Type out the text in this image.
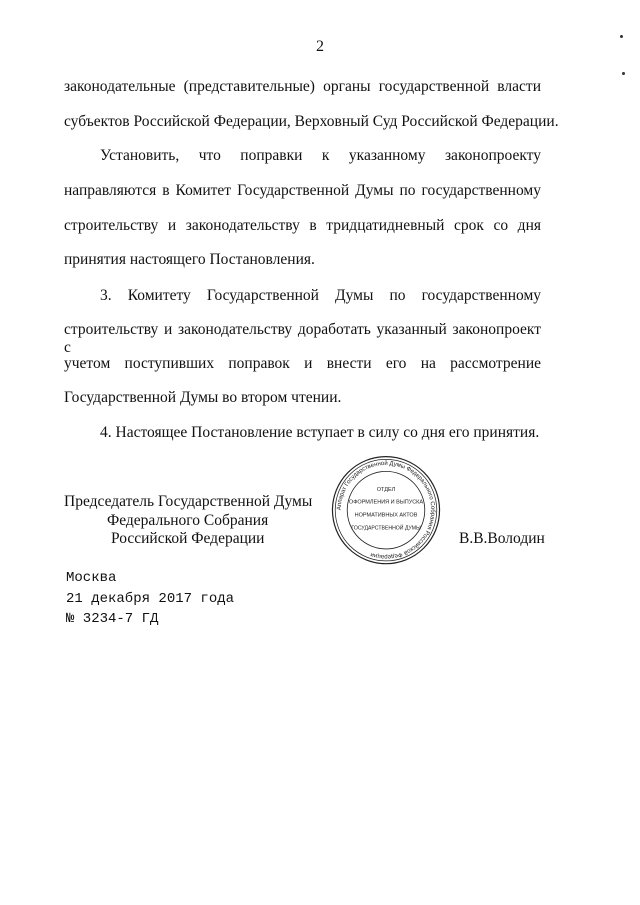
2
законодательные (представительные) органы государственной власти
субъектов Российской Федерации, Верховный Суд Российской Федерации.
Установить, что поправки к указанному законопроекту
направляются в Комитет Государственной Думы по государственному
строительству и законодательству в тридцатидневный срок со дня
принятия настоящего Постановления.
3. Комитету Государственной Думы по государственному
строительству и законодательству доработать указанный законопроект с
учетом поступивших поправок и внести его на рассмотрение
Государственной Думы во втором чтении.
4. Настоящее Постановление вступает в силу со дня его принятия.
Председатель Государственной Думы
Федерального Собрания
Российской Федерации	В.В.Володин
Аппарат Государственной Думы Федерального Собрания Российской Федерации
ОТДЕЛ
ОФОРМЛЕНИЯ И ВЫПУСКА
НОРМАТИВНЫХ АКТОВ
ГОСУДАРСТВЕННОЙ ДУМЫ
Москва
21 декабря 2017 года
№ 3234-7 ГД
